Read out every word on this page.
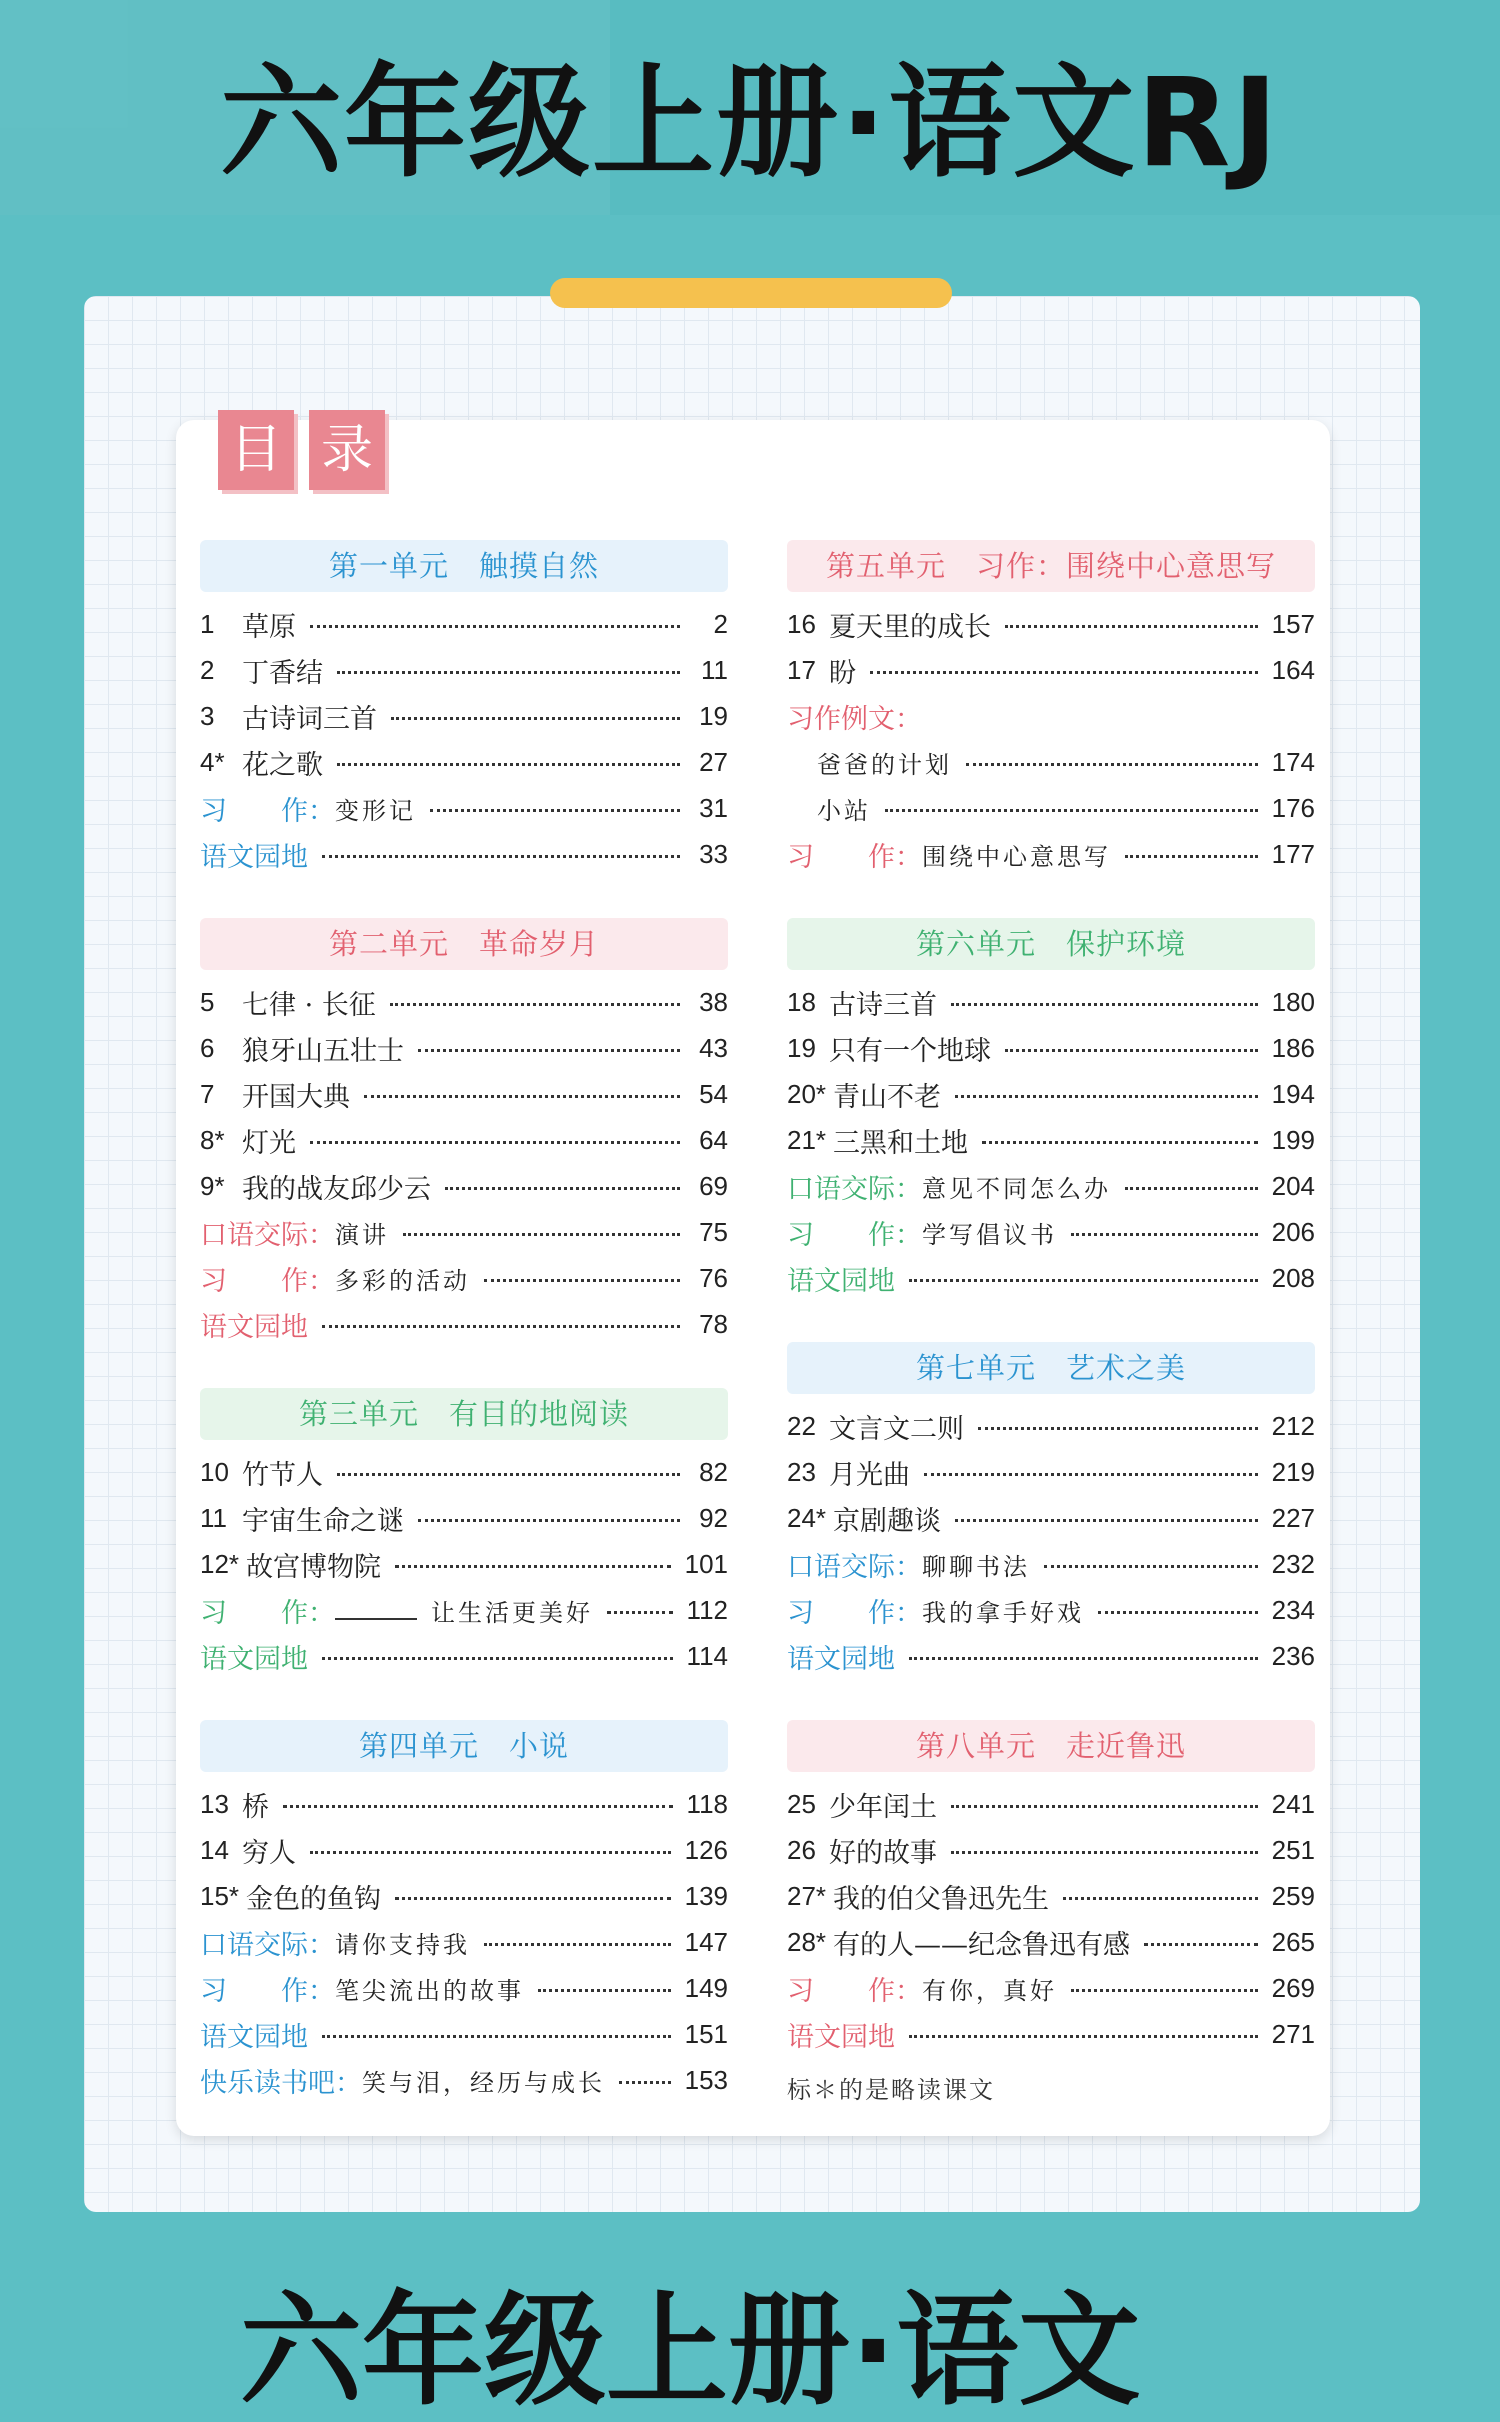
六年级上册·语文RJ
目 录
第一单元　触摸自然
1	草原	2
2	丁香结	11
3	古诗词三首	19
4* 花之歌	27
习　　作： 变形记	31
语文园地	33
第二单元　革命岁月
5	七律 · 长征	38
6	狼牙山五壮士	43
7	开国大典	54
8* 灯光	64
9* 我的战友邱少云	69
口语交际： 演讲	75
习　　作： 多彩的活动	76
语文园地	78
第三单元　有目的地阅读
10 竹节人	82
11 宇宙生命之谜	92
12* 故宫博物院	101
习　　作：	让生活更美好	112
语文园地	114
第四单元　小说
13 桥	118
14 穷人	126
15* 金色的鱼钩	139
口语交际： 请你支持我	147
习　　作： 笔尖流出的故事	149
语文园地	151
快乐读书吧： 笑与泪，经历与成长	153
第五单元　习作：围绕中心意思写
16 夏天里的成长	157
17 盼	164
习作例文：
爸爸的计划	174
小站	176
习　　作： 围绕中心意思写	177
第六单元　保护环境
18 古诗三首	180
19 只有一个地球	186
20* 青山不老	194
21* 三黑和土地	199
口语交际： 意见不同怎么办	204
习　　作： 学写倡议书	206
语文园地	208
第七单元　艺术之美
22 文言文二则	212
23 月光曲	219
24* 京剧趣谈	227
口语交际： 聊聊书法	232
习　　作： 我的拿手好戏	234
语文园地	236
第八单元　走近鲁迅
25 少年闰土	241
26 好的故事	251
27* 我的伯父鲁迅先生	259
28* 有的人——纪念鲁迅有感	265
习　　作： 有你，真好	269
语文园地	271
标＊的是略读课文
六年级上册·语文
